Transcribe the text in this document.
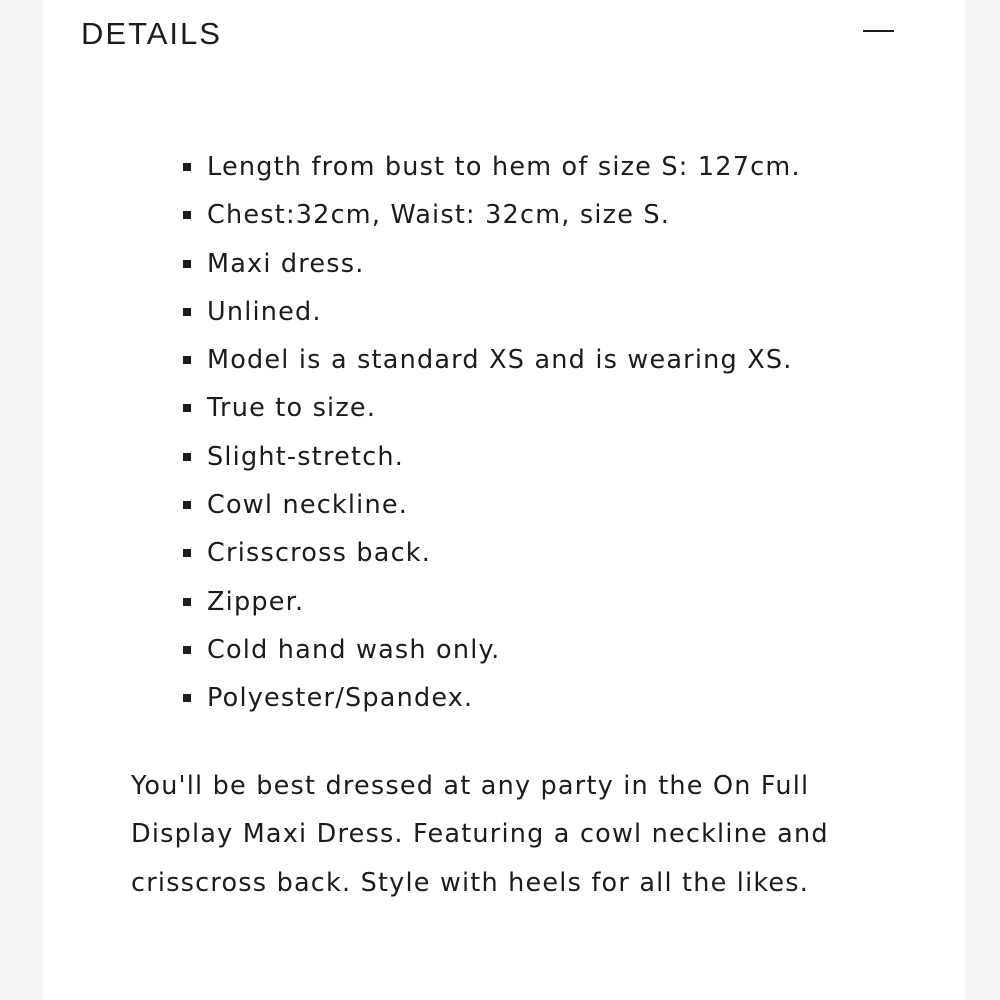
DETAILS
Length from bust to hem of size S: 127cm.
Chest:32cm, Waist: 32cm, size S.
Maxi dress.
Unlined.
Model is a standard XS and is wearing XS.
True to size.
Slight-stretch.
Cowl neckline.
Crisscross back.
Zipper.
Cold hand wash only.
Polyester/Spandex.

You'll be best dressed at any party in the On Full Display Maxi Dress. Featuring a cowl neckline and crisscross back. Style with heels for all the likes.
